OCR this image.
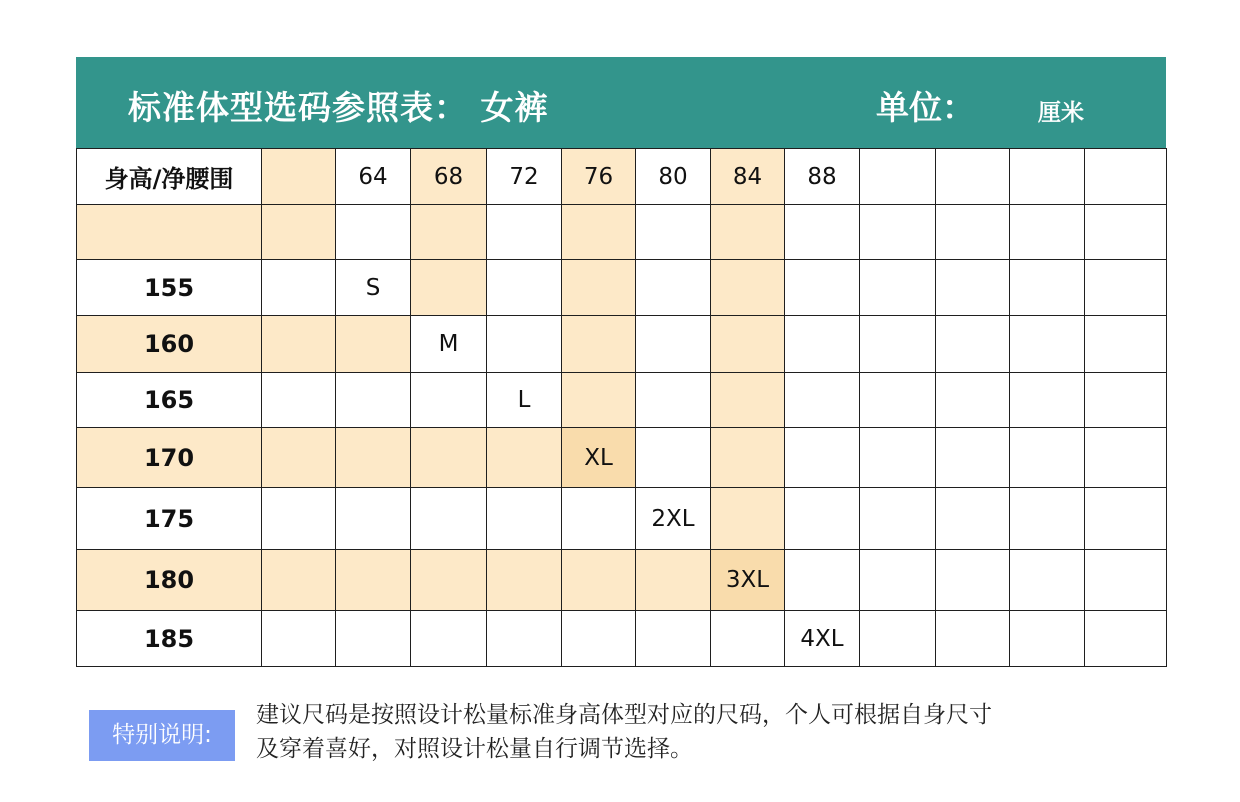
标准体型选码参照表： 女裤	单位：	厘米
身高/净腰围		64	68	72	76	80	84	88				

155		S										
160			M									
165				L								
170					XL							
175						2XL						
180							3XL					
185								4XL				
特别说明:
建议尺码是按照设计松量标准身高体型对应的尺码，个人可根据自身尺寸
及穿着喜好，对照设计松量自行调节选择。
